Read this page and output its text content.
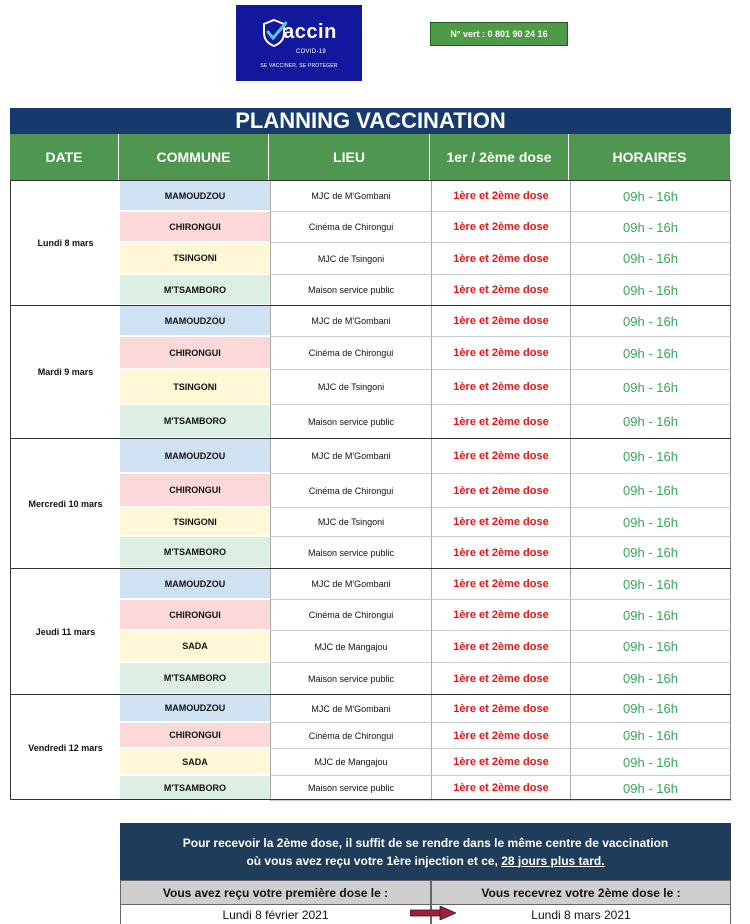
accin
COVID-19
SE VACCINER, SE PROTEGER
N° vert : 0 801 90 24 16
PLANNING VACCINATION
DATE	COMMUNE	LIEU	1er / 2ème dose	HORAIRES
Lundi 8 mars
MAMOUDZOU	MJC de M'Gombani	1ère et 2ème dose	09h - 16h
CHIRONGUI	Cinéma de Chirongui	1ère et 2ème dose	09h - 16h
TSINGONI	MJC de Tsingoni	1ère et 2ème dose	09h - 16h
M'TSAMBORO	Maison service public	1ère et 2ème dose	09h - 16h
Mardi 9 mars
MAMOUDZOU	MJC de M'Gombani	1ère et 2ème dose	09h - 16h
CHIRONGUI	Cinéma de Chirongui	1ère et 2ème dose	09h - 16h
TSINGONI	MJC de Tsingoni	1ère et 2ème dose	09h - 16h
M'TSAMBORO	Maison service public	1ère et 2ème dose	09h - 16h
Mercredi 10 mars
MAMOUDZOU	MJC de M'Gombani	1ère et 2ème dose	09h - 16h
CHIRONGUI	Cinéma de Chirongui	1ère et 2ème dose	09h - 16h
TSINGONI	MJC de Tsingoni	1ère et 2ème dose	09h - 16h
M'TSAMBORO	Maison service public	1ère et 2ème dose	09h - 16h
Jeudi 11 mars
MAMOUDZOU	MJC de M'Gombani	1ère et 2ème dose	09h - 16h
CHIRONGUI	Cinéma de Chirongui	1ère et 2ème dose	09h - 16h
SADA	MJC de Mangajou	1ère et 2ème dose	09h - 16h
M'TSAMBORO	Maison service public	1ère et 2ème dose	09h - 16h
Vendredi 12 mars
MAMOUDZOU	MJC de M'Gombani	1ère et 2ème dose	09h - 16h
CHIRONGUI	Cinéma de Chirongui	1ère et 2ème dose	09h - 16h
SADA	MJC de Mangajou	1ère et 2ème dose	09h - 16h
M'TSAMBORO	Maison service public	1ère et 2ème dose	09h - 16h
Pour recevoir la 2ème dose, il suffit de se rendre dans le même centre de vaccination
où vous avez reçu votre 1ère injection et ce, 28 jours plus tard.
Vous avez reçu votre première dose le :	Vous recevrez votre 2ème dose le :
Lundi 8 février 2021	Lundi 8 mars 2021
